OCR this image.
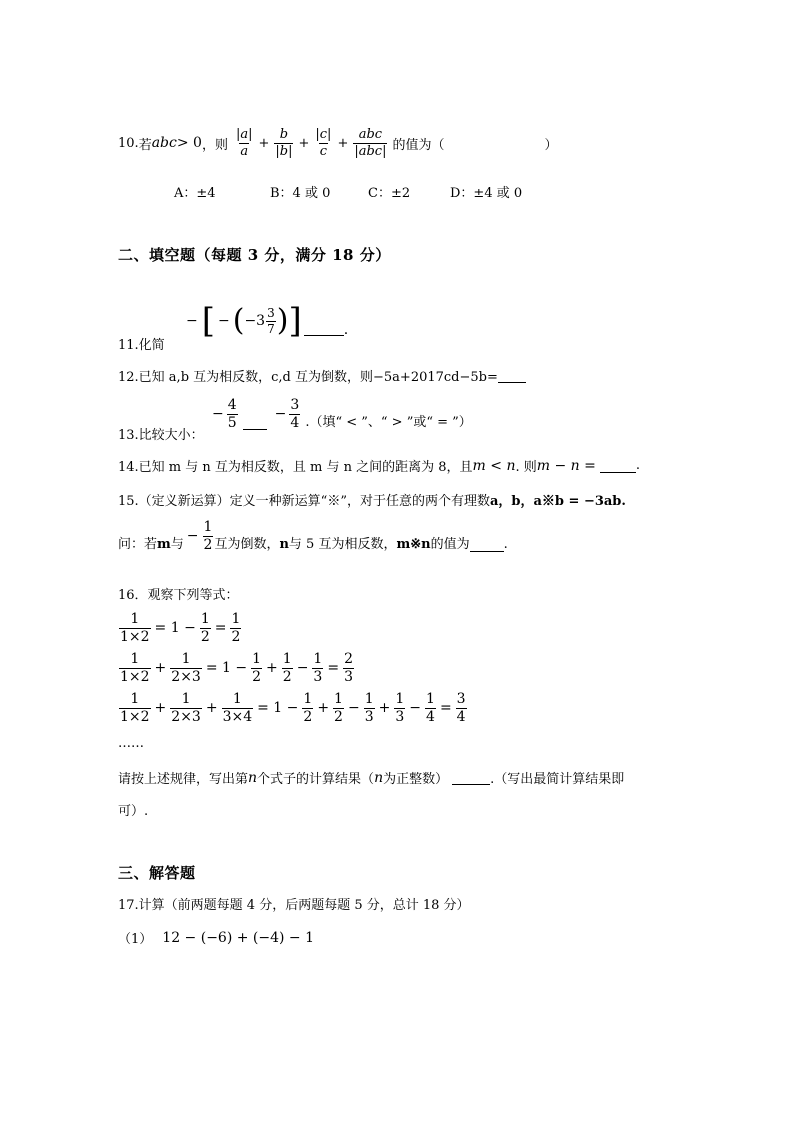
10. 若 abc > 0 ，则 $\frac{|a|}{a} + \frac{b}{|b|} + \frac{|c|}{c} + \frac{\text{abc}}{\text{|abc|}}$ 的值为（	）
A：±4	B：4 或 0	C：±2	D：±4 或 0
二、填空题（每题 3 分，满分 18 分）
11.化简
− [ − ( $-3 \frac{3}{7}$ ) ]	.
12.已知 a,b 互为相反数，c,d 互为倒数，则−5a+2017cd−5b=
13.比较大小：
− $\frac{4}{5}$	− $\frac{3}{4}$ .（填“ < ”、“ > ”或“ = ”）
14.已知 m 与 n 互为相反数，且 m 与 n 之间的距离为 8，且 m < n . 则 m − n =	.
15.（定义新运算）定义一种新运算“※”，对于任意的两个有理数 a，b，a※b = −3ab.
问：若 m 与
− $\frac{1}{2}$ 互为倒数， n 与 5 互为相反数， m※n 的值为	.
16．观察下列等式：
$\frac{1}{1\times 2} = 1 - \frac{1}{2} = \frac{1}{2}$
$\frac{1}{1\times 2} + \frac{1}{2\times 3} = 1 - \frac{1}{2} + \frac{1}{2} - \frac{1}{3} = \frac{2}{3}$
$\frac{1}{1\times 2} + \frac{1}{2\times 3} + \frac{1}{3\times 4} = 1 - \frac{1}{2} + \frac{1}{2} - \frac{1}{3} + \frac{1}{3} - \frac{1}{4} = \frac{3}{4}$
……
请按上述规律，写出第 n 个式子的计算结果（ n 为正整数）	.（写出最简计算结果即
可）.
三、解答题
17.计算（前两题每题 4 分，后两题每题 5 分，总计 18 分）
（1） 12 − (−6) + (−4) − 1
